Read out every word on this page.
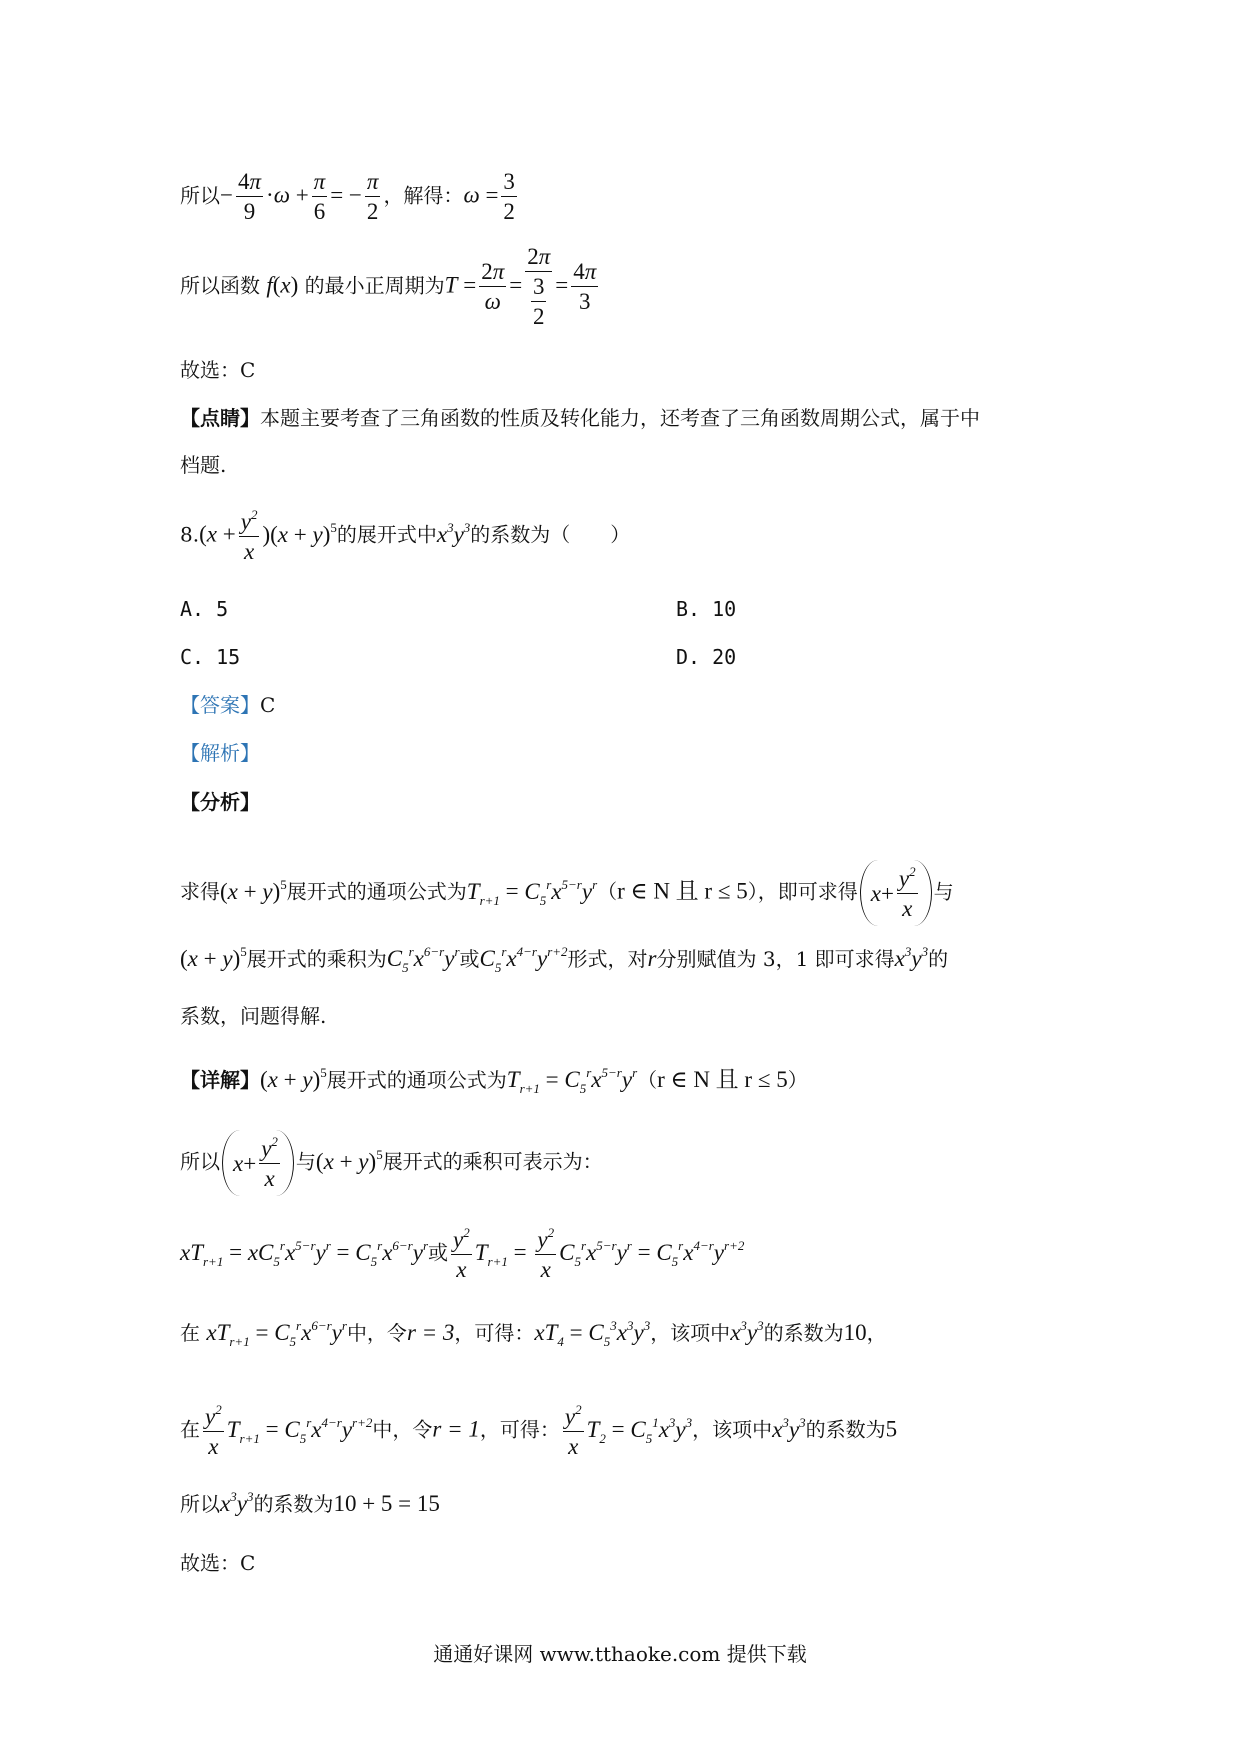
所以− $\frac{4\pi}{9} \cdot\omega + \frac{\pi}{6}$ = − $\frac{\pi}{2}$ ，解得：$\omega = \frac{3}{2}$
所以函数 f(x) 的最小正周期为$T = \frac{2\pi}{\omega} = \frac{2\pi}{\frac{3}{2}} = \frac{4\pi}{3}$
故选：C
【点睛】本题主要考查了三角函数的性质及转化能力，还考查了三角函数周期公式，属于中
档题.
$8.(x + \frac{y^2}{x} )(x + y)^5$的展开式中$x^3y^3$的系数为（　　）
A. 5	B. 10
C. 15	D. 20
【答案】C
【解析】
【分析】
求得$(x + y)^5$展开式的通项公式为$T_{r+1} = C_5^rx^{5-r}y^r(r$ ∈ N 且 r ≤ 5），即可求得 $x + \frac{y^2}{x}$ 与
$(x + y)^5$展开式的乘积为$C_5^rx^{6-r}y^r$或$C_5^rx^{4-r}y^{r+2}$形式，对r分别赋值为 3，1 即可求得$x^3y^3$的
系数，问题得解.
【详解】$(x + y)^5$展开式的通项公式为$T_{r+1} = C_5^rx^{5-r}y^r(r$ ∈ N 且 r ≤ 5）
所以 $x + \frac{y^2}{x}$ 与$(x + y)^5$展开式的乘积可表示为：
$xT_{r+1} = xC_5^rx^{5-r}y^r = C_5^rx^{6-r}y^r$或 $\frac{y^2}{x} T_{r+1} = \frac{y^2}{x} C_5^rx^{5-r}y^r = C_5^rx^{4-r}y^{r+2}$
在 $xT_{r+1} = C_5^rx^{6-r}y^r$中，令r = 3，可得：$xT_4 = C_5^3x^3y^3$，该项中$x^3y^3$的系数为10，
在 $\frac{y^2}{x} T_{r+1} = C_5^rx^{4-r}y^{r+2}$中，令r = 1，可得： $\frac{y^2}{x} T_2 = C_5^1x^3y^3$，该项中$x^3y^3$的系数为5
所以$x^3y^3$的系数为10 + 5 = 15
故选：C
通通好课网 www.tthaoke.com 提供下载
